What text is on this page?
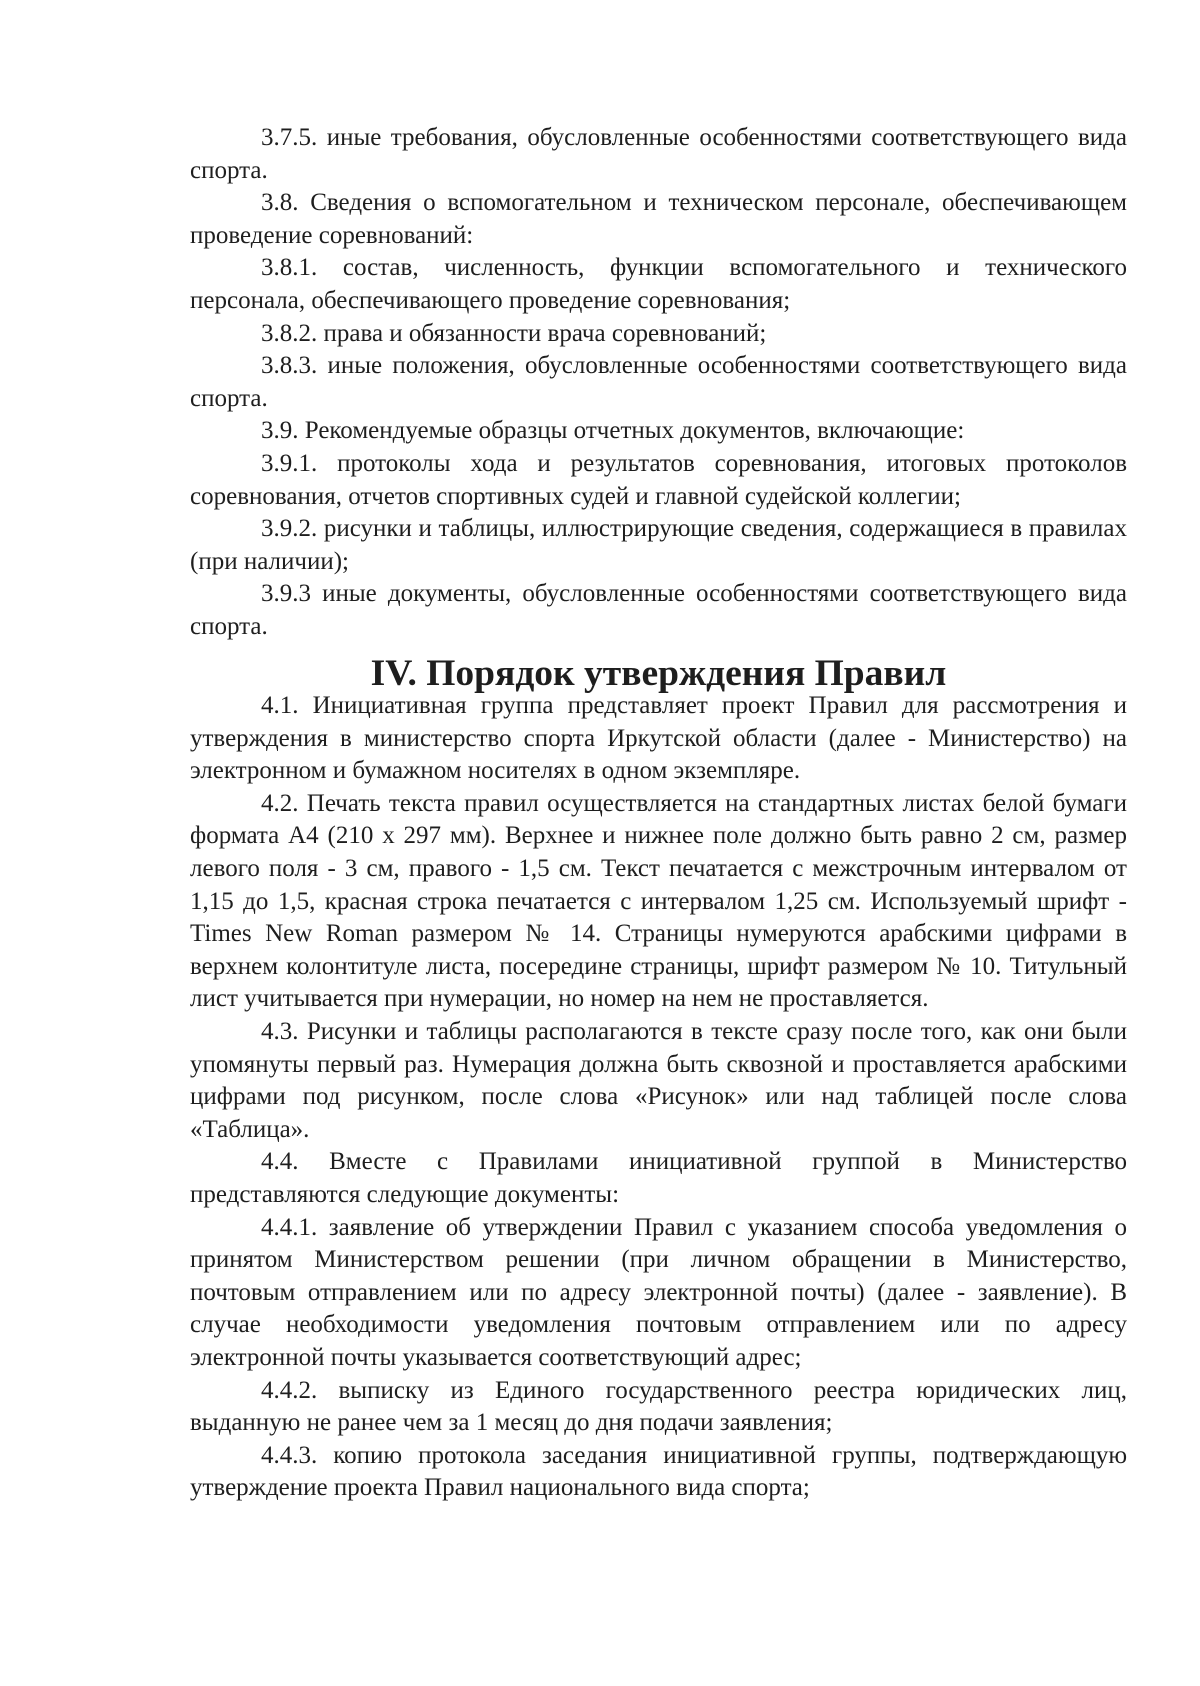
3.7.5. иные требования, обусловленные особенностями соответствующего вида спорта.

3.8. Сведения о вспомогательном и техническом персонале, обеспечивающем проведение соревнований:

3.8.1. состав, численность, функции вспомогательного и технического персонала, обеспечивающего проведение соревнования;

3.8.2. права и обязанности врача соревнований;

3.8.3. иные положения, обусловленные особенностями соответствующего вида спорта.

3.9. Рекомендуемые образцы отчетных документов, включающие:

3.9.1. протоколы хода и результатов соревнования, итоговых протоколов соревнования, отчетов спортивных судей и главной судейской коллегии;

3.9.2. рисунки и таблицы, иллюстрирующие сведения, содержащиеся в правилах (при наличии);

3.9.3 иные документы, обусловленные особенностями соответствующего вида спорта.

IV. Порядок утверждения Правил

4.1. Инициативная группа представляет проект Правил для рассмотрения и утверждения в министерство спорта Иркутской области (далее - Министерство) на электронном и бумажном носителях в одном экземпляре.

4.2. Печать текста правил осуществляется на стандартных листах белой бумаги формата А4 (210 x 297 мм). Верхнее и нижнее поле должно быть равно 2 см, размер левого поля - 3 см, правого - 1,5 см. Текст печатается с межстрочным интервалом от 1,15 до 1,5, красная строка печатается с интервалом 1,25 см. Используемый шрифт - Times New Roman размером № 14. Страницы нумеруются арабскими цифрами в верхнем колонтитуле листа, посередине страницы, шрифт размером № 10. Титульный лист учитывается при нумерации, но номер на нем не проставляется.

4.3. Рисунки и таблицы располагаются в тексте сразу после того, как они были упомянуты первый раз. Нумерация должна быть сквозной и проставляется арабскими цифрами под рисунком, после слова «Рисунок» или над таблицей после слова «Таблица».

4.4. Вместе с Правилами инициативной группой в Министерство представляются следующие документы:

4.4.1. заявление об утверждении Правил с указанием способа уведомления о принятом Министерством решении (при личном обращении в Министерство, почтовым отправлением или по адресу электронной почты) (далее - заявление). В случае необходимости уведомления почтовым отправлением или по адресу электронной почты указывается соответствующий адрес;

4.4.2. выписку из Единого государственного реестра юридических лиц, выданную не ранее чем за 1 месяц до дня подачи заявления;

4.4.3. копию протокола заседания инициативной группы, подтверждающую утверждение проекта Правил национального вида спорта;
